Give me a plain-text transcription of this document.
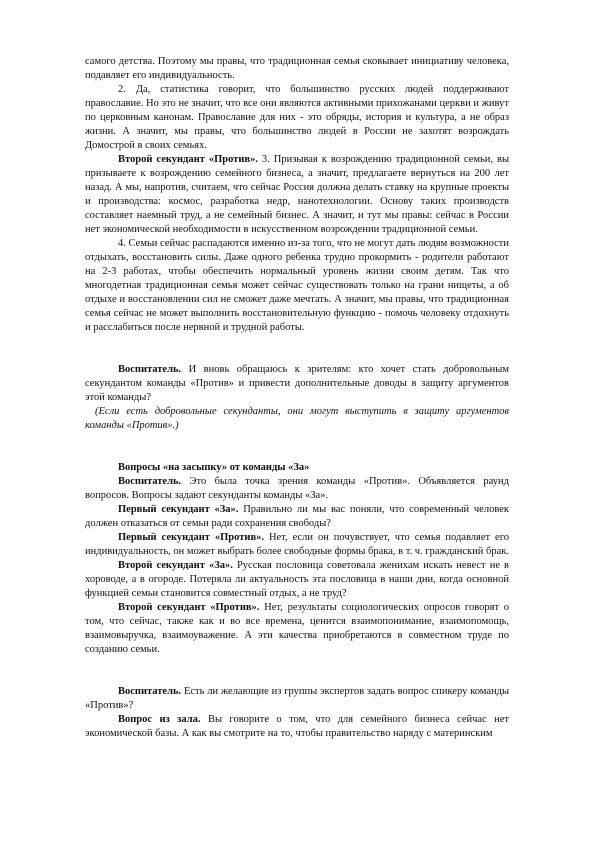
самого детства. Поэтому мы правы, что традиционная семья сковывает инициативу человека, подавляет его индивидуальность.

2. Да, статистика говорит, что большинство русских людей поддерживают православие. Но это не значит, что все они являются активными прихожанами церкви и живут по церковным канонам. Православие для них - это обряды, история и культура, а не образ жизни. А значит, мы правы, что большинство людей в России не захотят возрождать Домострой в своих семьях.

Второй секундант «Против». 3. Призывая к возрождению традиционной семьи, вы призываете к возрождению семейного бизнеса, а значит, предлагаете вернуться на 200 лет назад. А мы, напротив, считаем, что сейчас Россия должна делать ставку на крупные проекты и производства: космос, разработка недр, нанотехнологии. Основу таких производств составляет наемный труд, а не семейный бизнес. А значит, и тут мы правы: сейчас в России нет экономической необходимости в искусственном возрождении традиционной семьи.

4. Семьи сейчас распадаются именно из-за того, что не могут дать людям возможности отдыхать, восстановить силы. Даже одного ребенка трудно прокормить - родители работают на 2-3 работах, чтобы обеспечить нормальный уровень жизни своим детям. Так что многодетная традиционная семья может сейчас существовать только на грани нищеты, а об отдыхе и восстановлении сил не сможет даже мечтать. А значит, мы правы, что традиционная семья сейчас не может выполнить восстановительную функцию - помочь человеку отдохнуть и расслабиться после нервной и трудной работы.

Воспитатель. И вновь обращаюсь к зрителям: кто хочет стать добровольным секундантом команды «Против» и привести дополнительные доводы в защиту аргументов этой команды?

(Если есть добровольные секунданты, они могут выступить в защиту аргументов команды «Против».)

Вопросы «на засыпку» от команды «За»

Воспитатель. Это была точка зрения команды «Против». Объявляется раунд вопросов. Вопросы задают секунданты команды «За».

Первый секундант «За». Правильно ли мы вас поняли, что современный человек должен отказаться от семьи ради сохранения свободы?

Первый секундант «Против». Нет, если он почувствует, что семья подавляет его индивидуальность, он может выбрать более свободные формы брака, в т. ч. гражданский брак.

Второй секундант «За». Русская пословица советовала женихам искать невест не в хороводе, а в огороде. Потеряла ли актуальность эта пословица в наши дни, когда основной функцией семьи становится совместный отдых, а не труд?

Второй секундант «Против». Нет, результаты социологических опросов говорят о том, что сейчас, также как и во все времена, ценится взаимопонимание, взаимопомощь, взаимовыручка, взаимоуважение. А эти качества приобретаются в совместном труде по созданию семьи.

Воспитатель. Есть ли желающие из группы экспертов задать вопрос спикеру команды «Против»?

Вопрос из зала. Вы говорите о том, что для семейного бизнеса сейчас нет экономической базы. А как вы смотрите на то, чтобы правительство наряду с материнским
